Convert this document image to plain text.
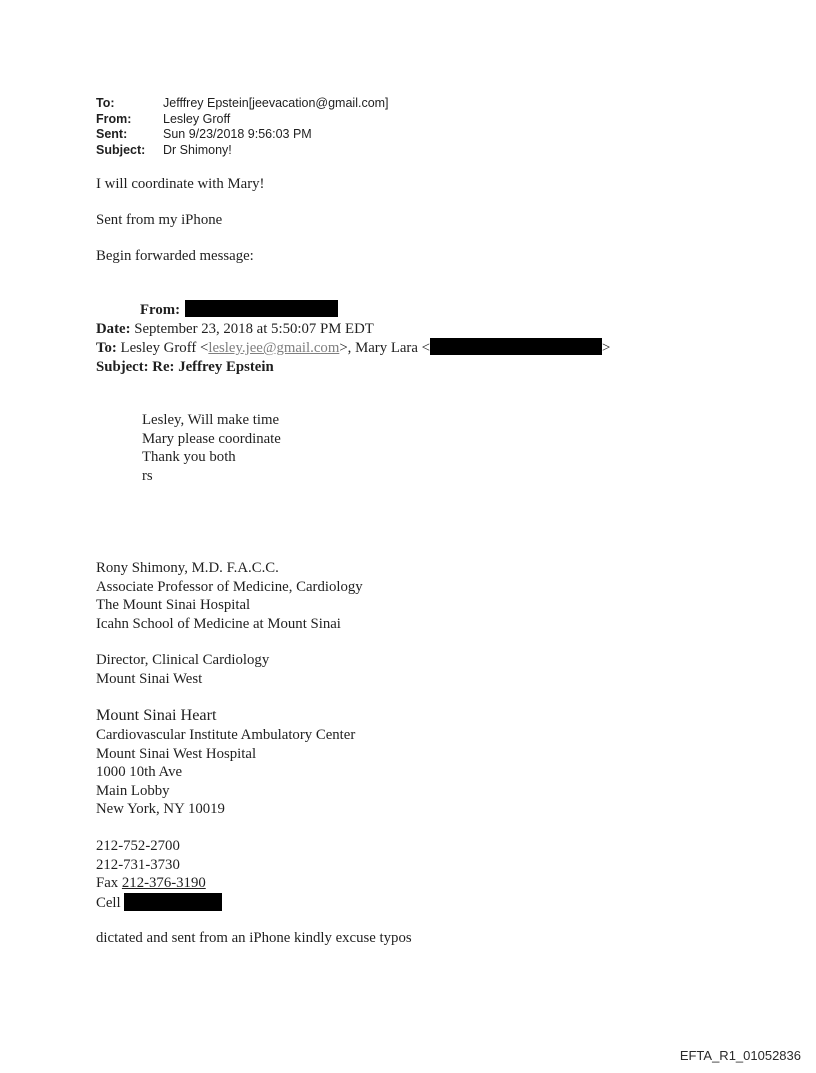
To:	Jefffrey Epstein[jeevacation@gmail.com]
From:	Lesley Groff
Sent:	Sun 9/23/2018 9:56:03 PM
Subject:	Dr Shimony!

I will coordinate with Mary!

Sent from my iPhone

Begin forwarded message:

From:
Date: September 23, 2018 at 5:50:07 PM EDT
To: Lesley Groff <lesley.jee@gmail.com>, Mary Lara <	>
Subject: Re: Jeffrey Epstein
Lesley, Will make time
Mary please coordinate
Thank you both
rs
Rony Shimony, M.D. F.A.C.C.
Associate Professor of Medicine, Cardiology
The Mount Sinai Hospital
Icahn School of Medicine at Mount Sinai
Director, Clinical Cardiology
Mount Sinai West
Mount Sinai Heart
Cardiovascular Institute Ambulatory Center
Mount Sinai West Hospital
1000 10th Ave
Main Lobby
New York, NY 10019
212-752-2700
212-731-3730
Fax 212-376-3190
Cell

dictated and sent from an iPhone kindly excuse typos

EFTA_R1_01052836
